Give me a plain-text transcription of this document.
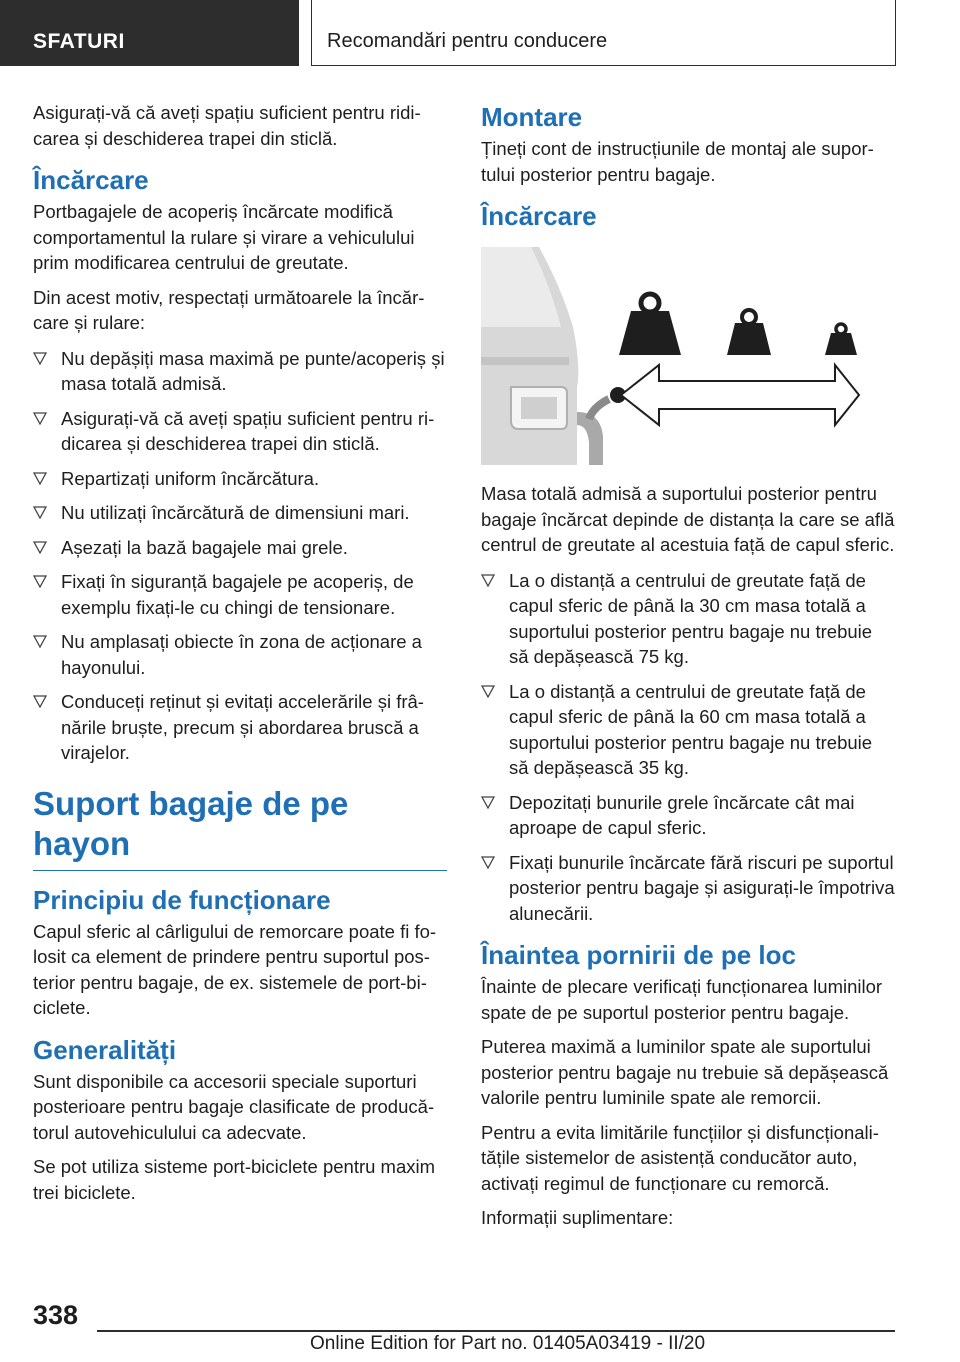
SFATURI	Recomandări pentru conducere

Asigurați-vă că aveți spațiu suficient pentru ridicarea și deschiderea trapei din sticlă.

Încărcare

Portbagajele de acoperiș încărcate modifică comportamentul la rulare și virare a vehiculului prim modificarea centrului de greutate.

Din acest motiv, respectați următoarele la încărcare și rulare:

Nu depășiți masa maximă pe punte/acoperiș și masa totală admisă.
Asigurați-vă că aveți spațiu suficient pentru ridicarea și deschiderea trapei din sticlă.
Repartizați uniform încărcătura.
Nu utilizați încărcătură de dimensiuni mari.
Așezați la bază bagajele mai grele.
Fixați în siguranță bagajele pe acoperiș, de exemplu fixați-le cu chingi de tensionare.
Nu amplasați obiecte în zona de acționare a hayonului.
Conduceți reținut și evitați accelerările și frânările bruște, precum și abordarea bruscă a virajelor.
Suport bagaje de pe hayon
Principiu de funcționare

Capul sferic al cârligului de remorcare poate fi folosit ca element de prindere pentru suportul posterior pentru bagaje, de ex. sistemele de port-biciclete.

Generalități

Sunt disponibile ca accesorii speciale suporturi posterioare pentru bagaje clasificate de producătorul autovehiculului ca adecvate.

Se pot utiliza sisteme port-biciclete pentru maxim trei biciclete.

Montare

Țineți cont de instrucțiunile de montaj ale suportului posterior pentru bagaje.

Încărcare

Masa totală admisă a suportului posterior pentru bagaje încărcat depinde de distanța la care se află centrul de greutate al acestuia față de capul sferic.

La o distanță a centrului de greutate față de capul sferic de până la 30 cm masa totală a suportului posterior pentru bagaje nu trebuie să depășească 75 kg.
La o distanță a centrului de greutate față de capul sferic de până la 60 cm masa totală a suportului posterior pentru bagaje nu trebuie să depășească 35 kg.
Depozitați bunurile grele încărcate cât mai aproape de capul sferic.
Fixați bunurile încărcate fără riscuri pe suportul posterior pentru bagaje și asigurați-le împotriva alunecării.
Înaintea pornirii de pe loc

Înainte de plecare verificați funcționarea luminilor spate de pe suportul posterior pentru bagaje.

Puterea maximă a luminilor spate ale suportului posterior pentru bagaje nu trebuie să depășească valorile pentru luminile spate ale remorcii.

Pentru a evita limitările funcțiilor și disfuncționalitățile sistemelor de asistență conducător auto, activați regimul de funcționare cu remorcă.

Informații suplimentare:

338
Online Edition for Part no. 01405A03419 - II/20
